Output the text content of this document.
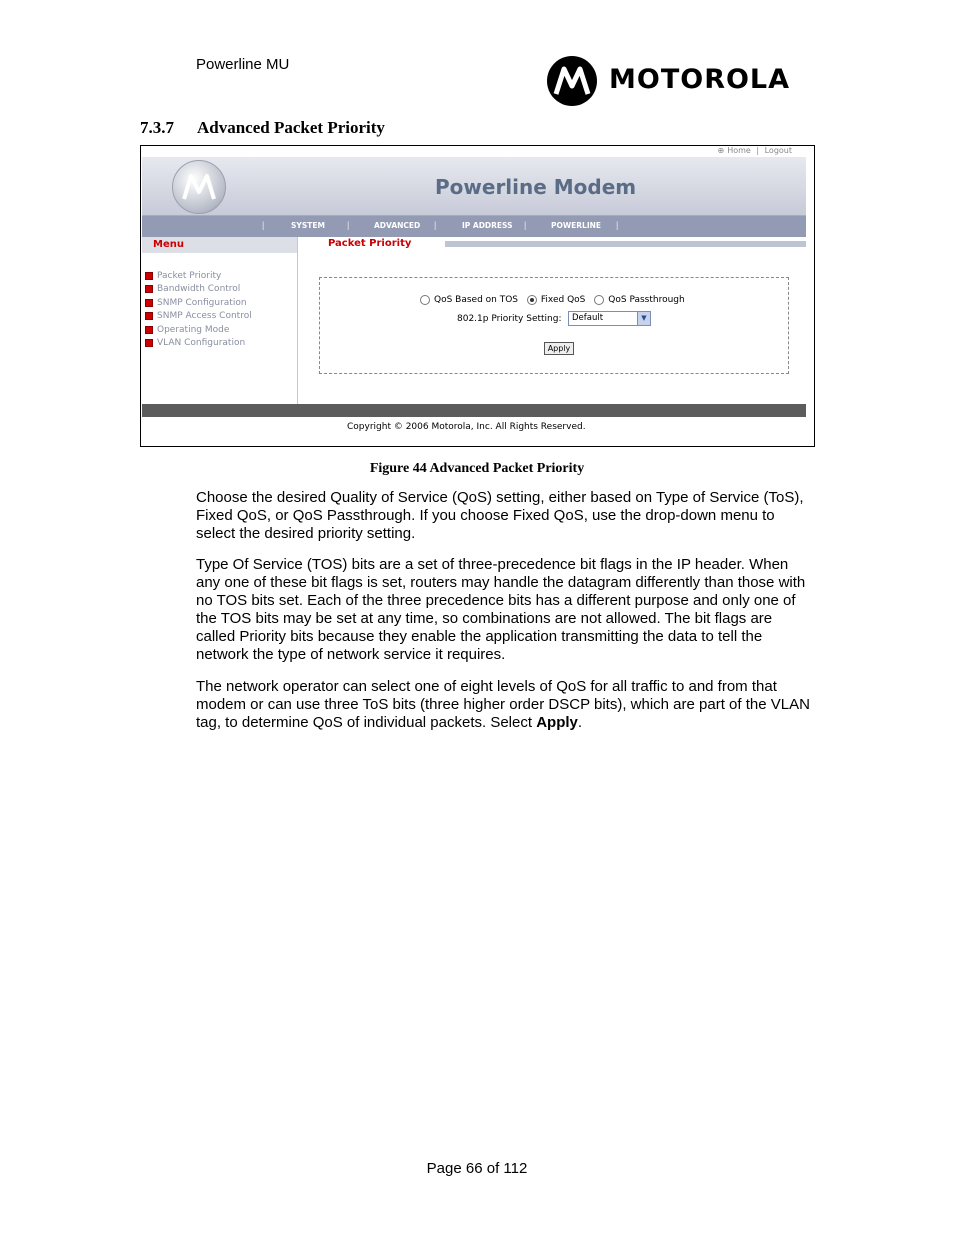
Powerline MU	MOTOROLA
7.3.7 Advanced Packet Priority
⊕ Home | Logout
Powerline Modem
|	SYSTEM |	ADVANCED |	IP ADDRESS |	POWERLINE |
Menu
Packet Priority
Bandwidth Control
SNMP Configuration
SNMP Access Control
Operating Mode
VLAN Configuration
Packet Priority
QoS Based on TOS	Fixed QoS	QoS Passthrough
802.1p Priority Setting: Default	▼
Apply
Copyright © 2006 Motorola, Inc. All Rights Reserved.
Figure 44 Advanced Packet Priority
Choose the desired Quality of Service (QoS) setting, either based on Type of Service (ToS), Fixed QoS, or QoS Passthrough. If you choose Fixed QoS, use the drop-down menu to select the desired priority setting.
Type Of Service (TOS) bits are a set of three-precedence bit flags in the IP header. When any one of these bit flags is set, routers may handle the datagram differently than those with no TOS bits set. Each of the three precedence bits has a different purpose and only one of the TOS bits may be set at any time, so combinations are not allowed. The bit flags are called Priority bits because they enable the application transmitting the data to tell the network the type of network service it requires.
The network operator can select one of eight levels of QoS for all traffic to and from that modem or can use three ToS bits (three higher order DSCP bits), which are part of the VLAN tag, to determine QoS of individual packets. Select Apply.
Page 66 of 112
